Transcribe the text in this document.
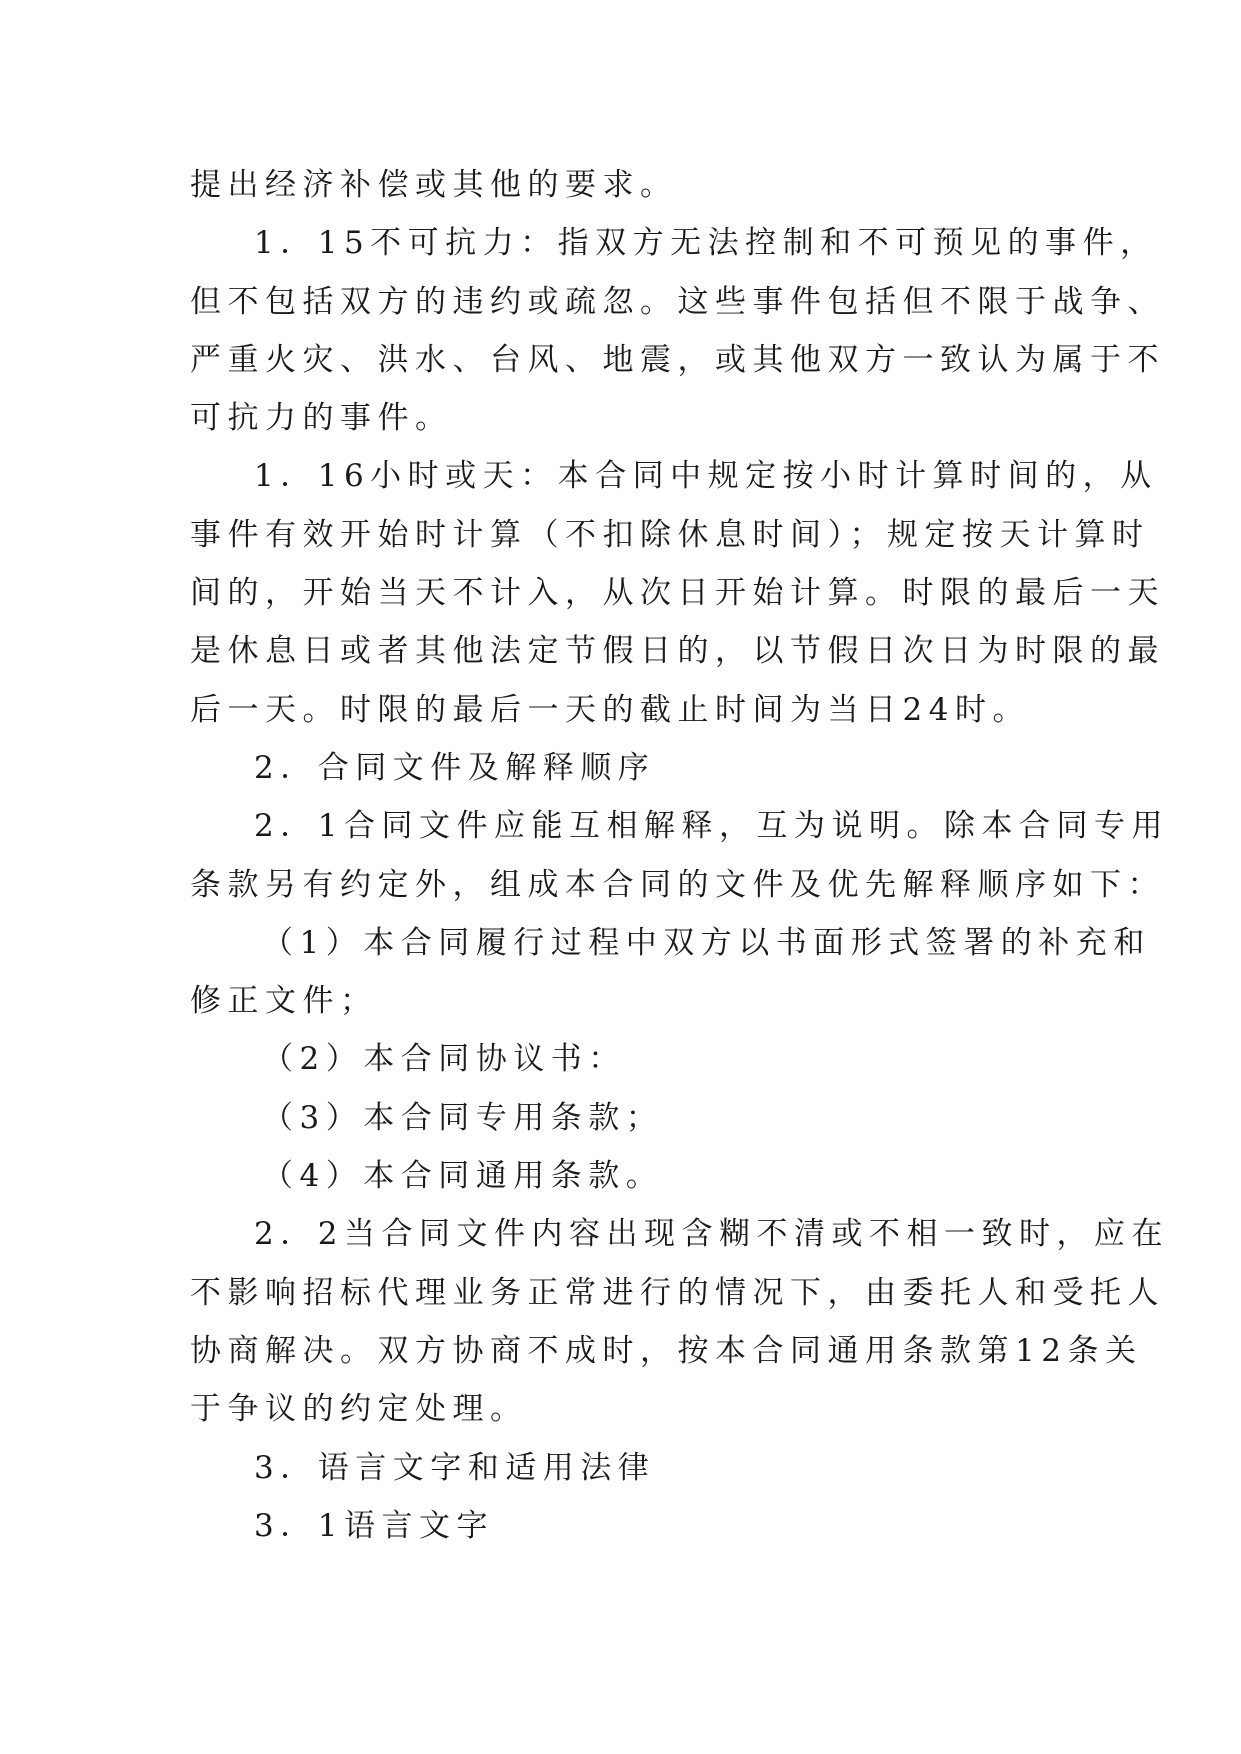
提出经济补偿或其他的要求。

1．15不可抗力：指双方无法控制和不可预见的事件，

但不包括双方的违约或疏忽。这些事件包括但不限于战争、

严重火灾、洪水、台风、地震，或其他双方一致认为属于不

可抗力的事件。

1．16小时或天：本合同中规定按小时计算时间的，从

事件有效开始时计算（不扣除休息时间）；规定按天计算时

间的，开始当天不计入，从次日开始计算。时限的最后一天

是休息日或者其他法定节假日的，以节假日次日为时限的最

后一天。时限的最后一天的截止时间为当日24时。

2．合同文件及解释顺序

2．1合同文件应能互相解释，互为说明。除本合同专用

条款另有约定外，组成本合同的文件及优先解释顺序如下：

（1）本合同履行过程中双方以书面形式签署的补充和

修正文件；

（2）本合同协议书：

（3）本合同专用条款；

（4）本合同通用条款。

2．2当合同文件内容出现含糊不清或不相一致时，应在

不影响招标代理业务正常进行的情况下，由委托人和受托人

协商解决。双方协商不成时，按本合同通用条款第12条关

于争议的约定处理。

3．语言文字和适用法律

3．1语言文字
